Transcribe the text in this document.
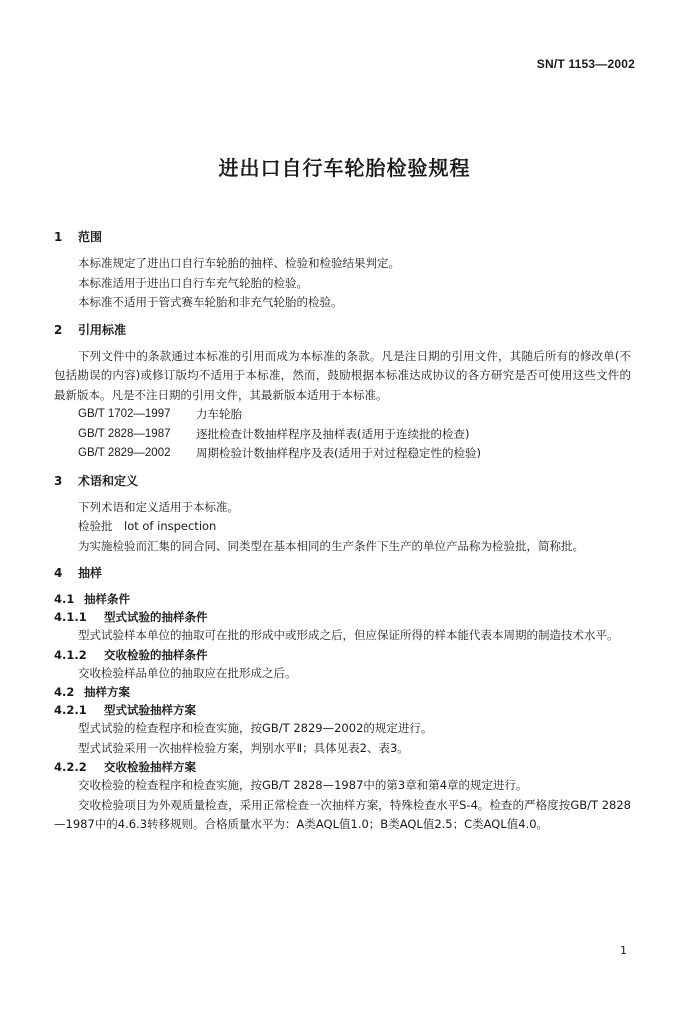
SN/T 1153—2002
进出口自行车轮胎检验规程
1 范围

本标准规定了进出口自行车轮胎的抽样、检验和检验结果判定。

本标准适用于进出口自行车充气轮胎的检验。

本标准不适用于管式赛车轮胎和非充气轮胎的检验。

2 引用标准

下列文件中的条款通过本标准的引用而成为本标准的条款。凡是注日期的引用文件，其随后所有的修改单(不包括勘误的内容)或修订版均不适用于本标准，然而，鼓励根据本标准达成协议的各方研究是否可使用这些文件的最新版本。凡是不注日期的引用文件，其最新版本适用于本标准。

GB/T 1702—1997	力车轮胎
GB/T 2828—1987	逐批检查计数抽样程序及抽样表(适用于连续批的检查)
GB/T 2829—2002	周期检验计数抽样程序及表(适用于对过程稳定性的检验)
3 术语和定义

下列术语和定义适用于本标准。

检验批　lot of inspection

为实施检验而汇集的同合同、同类型在基本相同的生产条件下生产的单位产品称为检验批，简称批。

4 抽样
4.1 抽样条件
4.1.1 型式试验的抽样条件

型式试验样本单位的抽取可在批的形成中或形成之后，但应保证所得的样本能代表本周期的制造技术水平。

4.1.2 交收检验的抽样条件

交收检验样品单位的抽取应在批形成之后。

4.2 抽样方案
4.2.1 型式试验抽样方案

型式试验的检查程序和检查实施，按GB/T 2829—2002的规定进行。

型式试验采用一次抽样检验方案，判别水平Ⅱ；具体见表2、表3。

4.2.2 交收检验抽样方案

交收检验的检查程序和检查实施，按GB/T 2828—1987中的第3章和第4章的规定进行。

交收检验项目为外观质量检查，采用正常检查一次抽样方案，特殊检查水平S-4。检查的严格度按GB/T 2828—1987中的4.6.3转移规则。合格质量水平为：A类AQL值1.0；B类AQL值2.5；C类AQL值4.0。

1
